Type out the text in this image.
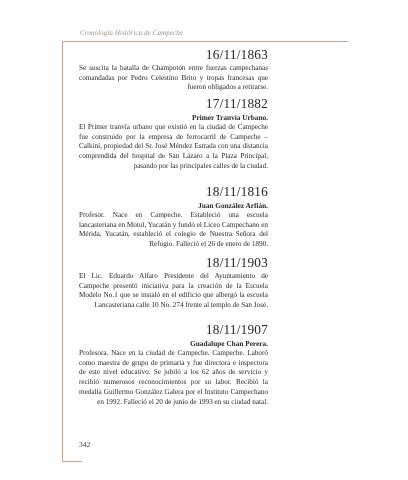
Cronología Histórica de Campeche
16/11/1863
Se suscita la batalla de Champotón entre fuerzas campechanas comandadas por Pedro Celestino Brito y tropas francesas que fueron obligados a retirarse.
17/11/1882
Primer Tranvía Urbano.
El Primer tranvía urbano que existió en la ciudad de Campeche fue construido por la empresa de ferrocarril de Campeche – Calkiní, propiedad del Sr. José Méndez Estrada con una distancia comprendida del hospital de San Lázaro a la Plaza Principal, pasando por las principales calles de la ciudad.
18/11/1816
Juan González Arfián.
Profesor. Nace en Campeche. Estableció una escuela lancasteriana en Motul, Yucatán y fundó el Liceo Campechano en Mérida, Yucatán, estableció el colegio de Nuestra Señora del Refugio. Falleció el 26 de enero de 1890.
18/11/1903
El Lic. Eduardo Alfaro Presidente del Ayuntamiento de Campeche presentó iniciativa para la creación de la Escuela Modelo No.1 que se instaló en el edificio que albergó la escuela Lancasteriana calle 10 No. 274 frente al templo de San José.
18/11/1907
Guadalupe Chan Perera.
Profesora. Nace en la ciudad de Campeche. Campeche. Laboró como maestra de grupo de primaria y fue directora e inspectora de este nivel educativo. Se jubiló a los 62 años de servicio y recibió numerosos reconocimientos por su labor. Recibió la medalla Guillermo González Galera por el Instituto Campechano en 1992. Falleció el 20 de junio de 1993 en su ciudad natal.
342
